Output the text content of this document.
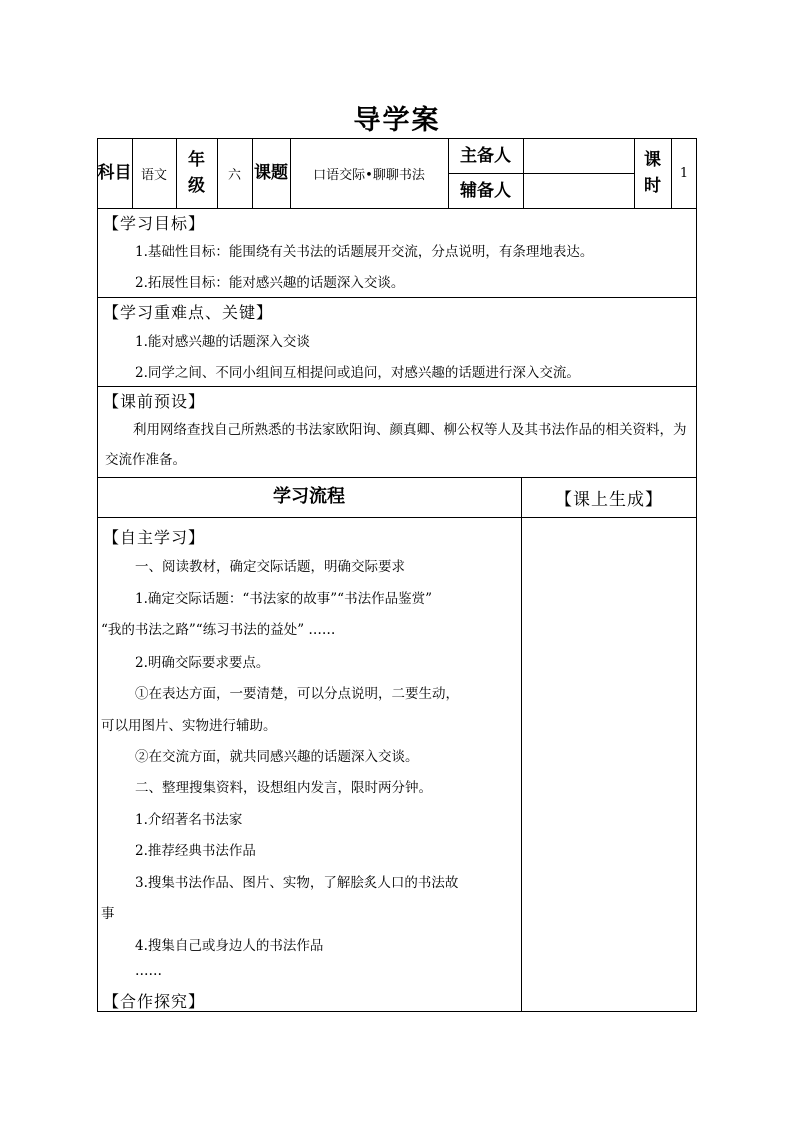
导学案
科目 语文
年级
六 课题	口语交际•聊聊书法
主备人
辅备人
课时
1
【学习目标】
1.基础性目标：能围绕有关书法的话题展开交流，分点说明，有条理地表达。
2.拓展性目标：能对感兴趣的话题深入交谈。
【学习重难点、关键】
1.能对感兴趣的话题深入交谈
2.同学之间、不同小组间互相提问或追问，对感兴趣的话题进行深入交流。
【课前预设】
利用网络查找自己所熟悉的书法家欧阳询、颜真卿、柳公权等人及其书法作品的相关资料，为交流作准备。
学习流程	【课上生成】
【自主学习】
一、阅读教材，确定交际话题，明确交际要求
1.确定交际话题：“书法家的故事”“书法作品鉴赏”
“我的书法之路”“练习书法的益处” ……
2.明确交际要求要点。
①在表达方面，一要清楚，可以分点说明，二要生动，
可以用图片、实物进行辅助。
②在交流方面，就共同感兴趣的话题深入交谈。
二、整理搜集资料，设想组内发言，限时两分钟。
1.介绍著名书法家
2.推荐经典书法作品
3.搜集书法作品、图片、实物，了解脍炙人口的书法故
事
4.搜集自己或身边人的书法作品
……
【合作探究】
